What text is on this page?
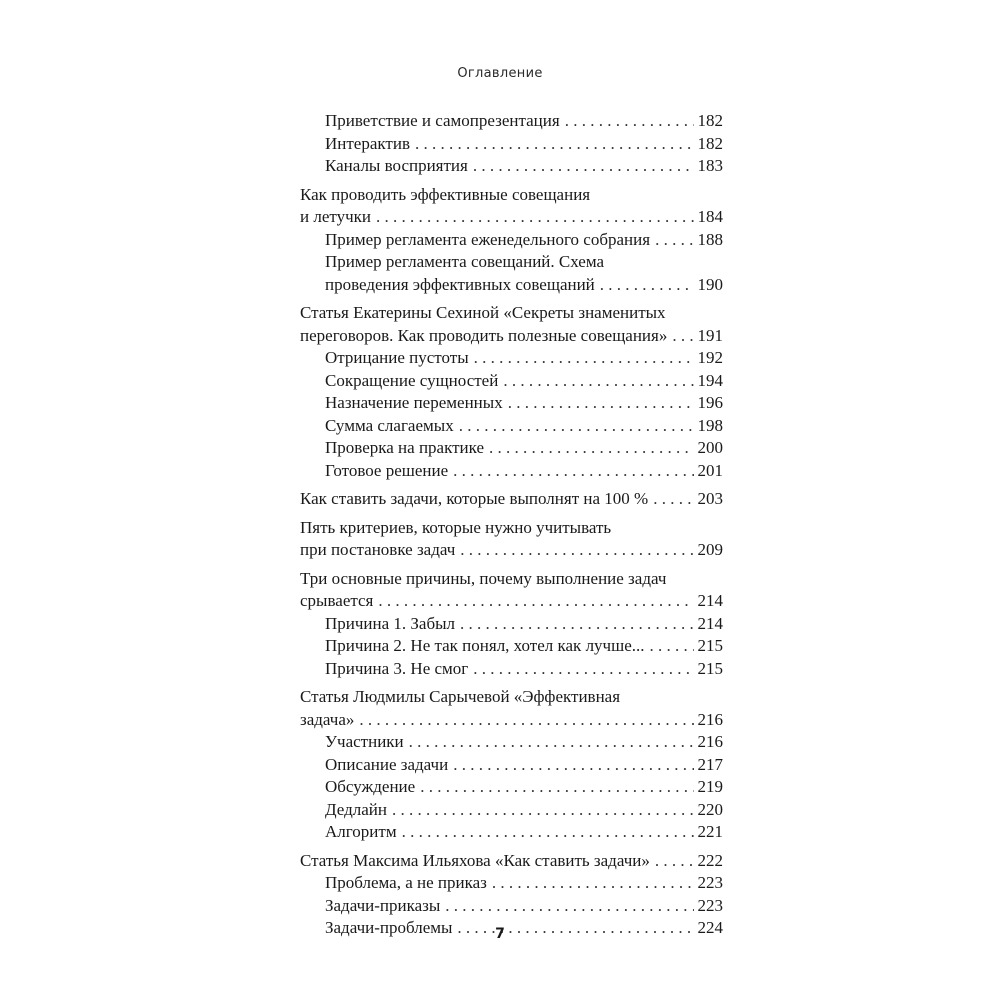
Оглавление
Приветствие и самопрезентация . . .	182
Интерактив . . .	182
Каналы восприятия . . .	183
Как проводить эффективные совещания
и летучки . . .	184
Пример регламента еженедельного собрания . . .	188
Пример регламента совещаний. Схема
проведения эффективных совещаний . . .	190
Статья Екатерины Сехиной «Секреты знаменитых
переговоров. Как проводить полезные совещания» . . . 191
Отрицание пустоты . . .	192
Сокращение сущностей . . .	194
Назначение переменных . . .	196
Сумма слагаемых . . .	198
Проверка на практике . . .	200
Готовое решение . . .	201
Как ставить задачи, которые выполнят на 100 % . . .	203
Пять критериев, которые нужно учитывать
при постановке задач . . .	209
Три основные причины, почему выполнение задач
срывается . . .	214
Причина 1. Забыл . . .	214
Причина 2. Не так понял, хотел как лучше... . . .	215
Причина 3. Не смог . . .	215
Статья Людмилы Сарычевой «Эффективная
задача» . . .	216
Участники . . .	216
Описание задачи . . .	217
Обсуждение . . .	219
Дедлайн . . .	220
Алгоритм . . .	221
Статья Максима Ильяхова «Как ставить задачи» . . .	222
Проблема, а не приказ . . .	223
Задачи-приказы . . .	223
Задачи-проблемы . . .	224
7
